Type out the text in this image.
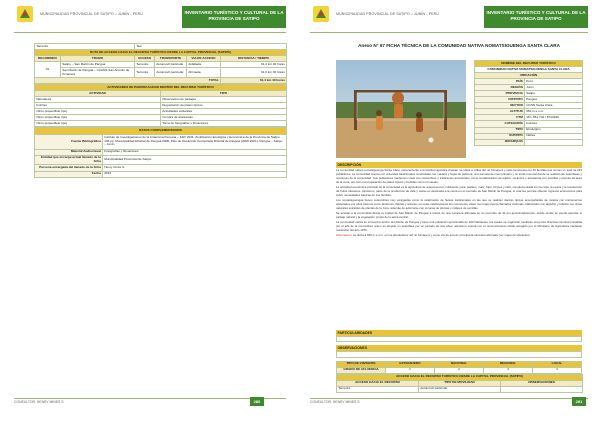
MUNICIPALIDAD PROVINCIAL DE SATIPO – JUNÍN - PERÚ	INVENTARIO TURÍSTICO Y CULTURAL DE LA PROVINCIA DE SATIPO
Terrestre		Taxi			
RUTA DE ACCESO HACIA EL RECURSO TURÍSTICO DESDE LA CAPITAL PROVINCIAL (SATIPO)					
RECORRIDO	TRAMO	ACCESO	TRANSPORTE	VIA DE ACCESO	DISTANCIA / TIEMPO
01	Satipo – San Martín de Pangoa	Terrestre	Automóvil particular	Asfaltada	31,4 km 40 horas
	San Martín de Pangoa – CCANS San Antonio de Kimaneni	Terrestre	Automóvil particular	Afirmada	31,0 km 30 horas
TOTAL					61,4 km 40 horas
ACTIVIDADES DE PARROCALIDAD DENTRO DEL RECURSO TURÍSTICO	
ACTIVIDAD	TIPO
Naturaleza	Observación de paisajes
Folclore	Degustación de platos típicos
Otros (especificar tipo)	Actividades culturales
Otros (especificar tipo)	Compra de artesanías
Otros (especificar tipo)	Toma de fotografías y filmaciones
DATOS COMPLEMENTARIOS	
Fuente Bibliográfica	Instituto de Investigaciones de la Amazonía Peruana – IIAP, 2011. Zonificación Ecológica y Económica de la Provincia de Satipo. 136 pp. Municipalidad Distrital de Pangoa 2008. Plan de Desarrollo Concertado Distrital de Pangoa (2008-2021). Pangoa – Satipo – Junín.
Material Audiovisual	Fotografías y filmaciones
Entidad que encarga actual llenado de la ficha	Municipalidad Provincial de Satipo
Persona encargada del llenado de la ficha	Henry Cinés S.
Fecha	2012
CONSULTOR: HENRY MINES S.	280
MUNICIPALIDAD PROVINCIAL DE SATIPO – JUNÍN - PERÚ	INVENTARIO TURÍSTICO Y CULTURAL DE LA PROVINCIA DE SATIPO
Anexo N° 67 FICHA TÉCNICA DE LA COMUNIDAD NATIVA NOMATSIGUENGA SANTA CLARA
NOMBRE DEL RECURSO TURÍSTICO	
COMUNIDAD NATIVA NOMATSIGUENGA SANTA CLARA	
UBICACIÓN	
PAÍS	Perú
REGIÓN	Junín
PROVINCIA	Satipo
DISTRITO	Pangoa
SECTOR	CCNN Santa Clara
ALTITUD	650 m.s.n.m.
UTM	18 L 551.702 / 8743499
CATEGORÍA	Folclore
TIPO	Etnológico
SUBTIPO	Nativa
JERARQUÍA	
DESCRIPCIÓN

La comunidad nativa nomatsiguenga Santa Clara, perteneciente a la familia lingüística Arawak, se ubica a orillas del río Kimaneni y está compuesta por 49 familias que suman un total de 243 pobladores. La comunidad cuenta con viviendas tradicionales construidas con madera y hojas de palmera, una escuela de nivel primario y un local comunal donde se realizan las asambleas y reuniones de la comunidad. Sus pobladores mantienen vivas sus costumbres y tradiciones ancestrales, como la elaboración de tejidos, cerámica y artesanías con semillas y plumas de aves de la zona, así como la preparación de platos típicos y bebidas como el masato.

La actividad económica principal de la comunidad es la agricultura de autoconsumo, cultivando yuca, plátano, maíz, frijol, cítricos y café; complementada con la caza, la pesca y la recolección de frutos silvestres. Asimismo, parte de la producción de café y cacao es destinada a la venta en el mercado de San Martín de Pangoa, lo cual les permite obtener ingresos económicos para cubrir necesidades básicas de sus familias.

Los nomatsiguengas tienen costumbres muy arraigadas como la celebración de fiestas tradicionales en las que se realizan danzas típicas acompañadas de música con instrumentos elaborados por ellos mismos como tambores, flautas y antaras; en estas celebraciones los comuneros visten sus trajes típicos llamados cushmas, elaborados con algodón y teñidos con tintes naturales extraídos de plantas de la zona, además de adornarse con coronas de plumas y collares de semillas.

Se accede a la comunidad desde la ciudad de San Martín de Pangoa a través de una carretera afirmada en un recorrido de 31 km aproximadamente, desde donde se puede apreciar el paisaje natural y la vegetación propia de la selva central.

La comunidad nativa se encuentra dentro del distrito de Pangoa y tiene una población aproximada de 243 habitantes, los cuales se organizan mediante una junta directiva comunal presidida por el jefe de la comunidad, quien es elegido en asamblea por un periodo de dos años; asimismo cuenta con el reconocimiento oficial otorgado por el Ministerio de Agricultura mediante resolución del año 1976.

Hibernación: se ubica a 650 m.s.n.m. en los alrededores del río Kimaneni y como vía de acceso principal la carretera afirmada (ver mapa de ubicación).

PARTICULARIDADES
OBSERVACIONES
TIPO DE VISITANTE	EXTRANJERO	NACIONAL	REGIONAL	LOCAL
GRADO DE AFLUENCIA	1	2	3	4
ACCESO HACIA EL RECURSO TURÍSTICO DESDE LA CAPITAL PROVINCIAL (SATIPO)		
ACCESO HACIA EL RECURSO	TIPO DE MOVILIDAD	OBSERVACIONES
Terrestre	Automóvil particular	
CONSULTOR: HENRY MINES S.	281
